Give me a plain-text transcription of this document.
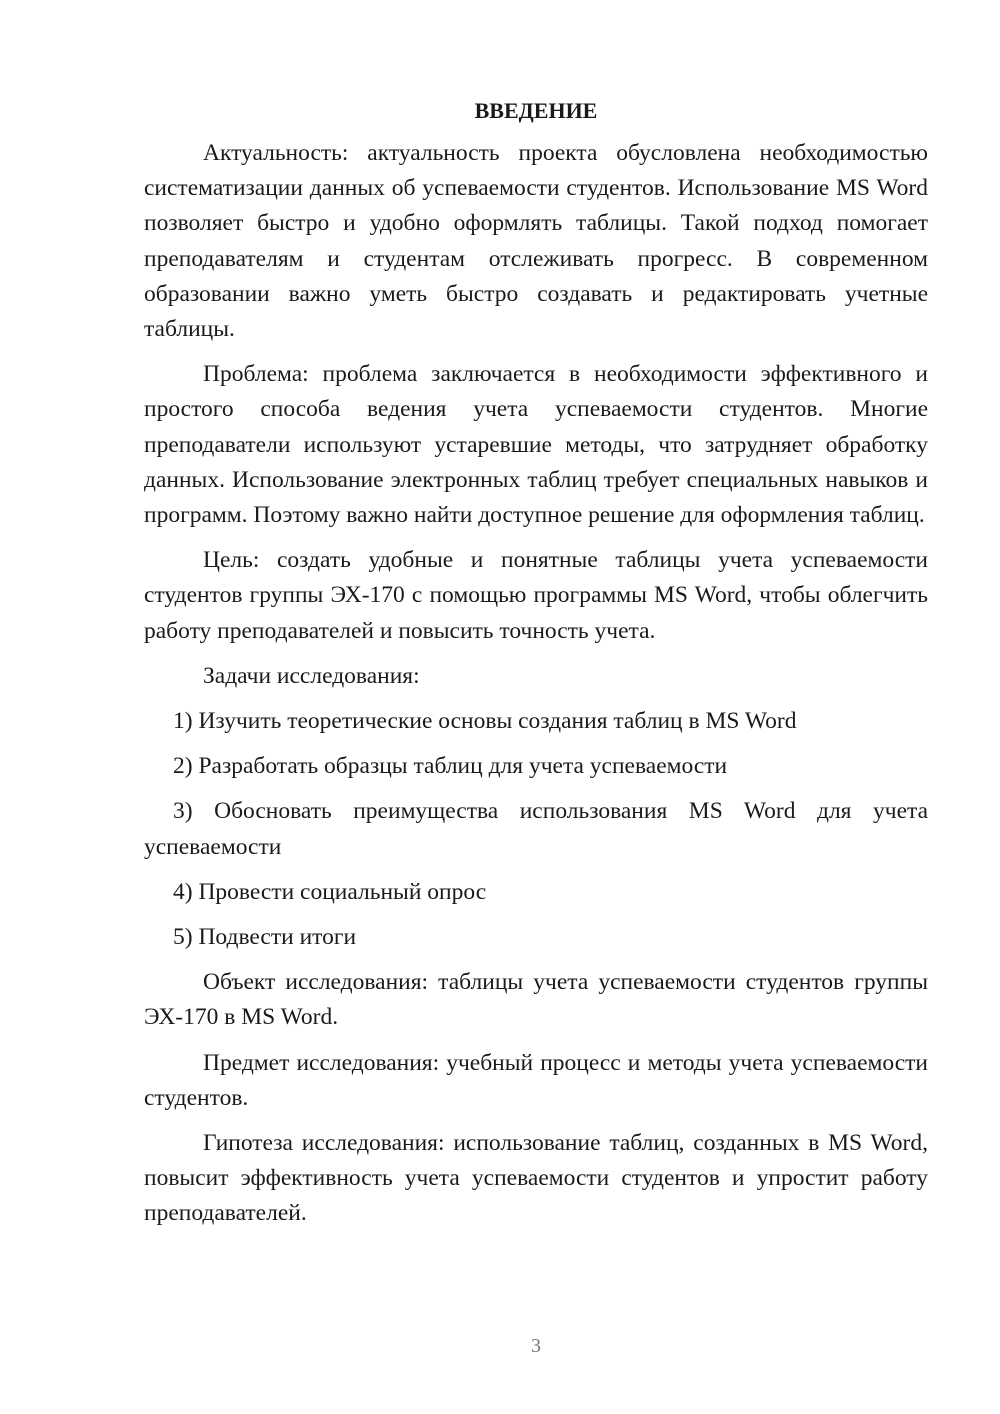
ВВЕДЕНИЕ

Актуальность: актуальность проекта обусловлена необходимостью систематизации данных об успеваемости студентов. Использование MS Word позволяет быстро и удобно оформлять таблицы. Такой подход помогает преподавателям и студентам отслеживать прогресс. В современном образовании важно уметь быстро создавать и редактировать учетные таблицы.

Проблема: проблема заключается в необходимости эффективного и простого способа ведения учета успеваемости студентов. Многие преподаватели используют устаревшие методы, что затрудняет обработку данных. Использование электронных таблиц требует специальных навыков и программ. Поэтому важно найти доступное решение для оформления таблиц.

Цель: создать удобные и понятные таблицы учета успеваемости студентов группы ЭХ-170 с помощью программы MS Word, чтобы облегчить работу преподавателей и повысить точность учета.

Задачи исследования:

1) Изучить теоретические основы создания таблиц в MS Word

2) Разработать образцы таблиц для учета успеваемости

3) Обосновать преимущества использования MS Word для учета успеваемости

4) Провести социальный опрос

5) Подвести итоги

Объект исследования: таблицы учета успеваемости студентов группы ЭХ-170 в MS Word.

Предмет исследования: учебный процесс и методы учета успеваемости студентов.

Гипотеза исследования: использование таблиц, созданных в MS Word, повысит эффективность учета успеваемости студентов и упростит работу преподавателей.

3
